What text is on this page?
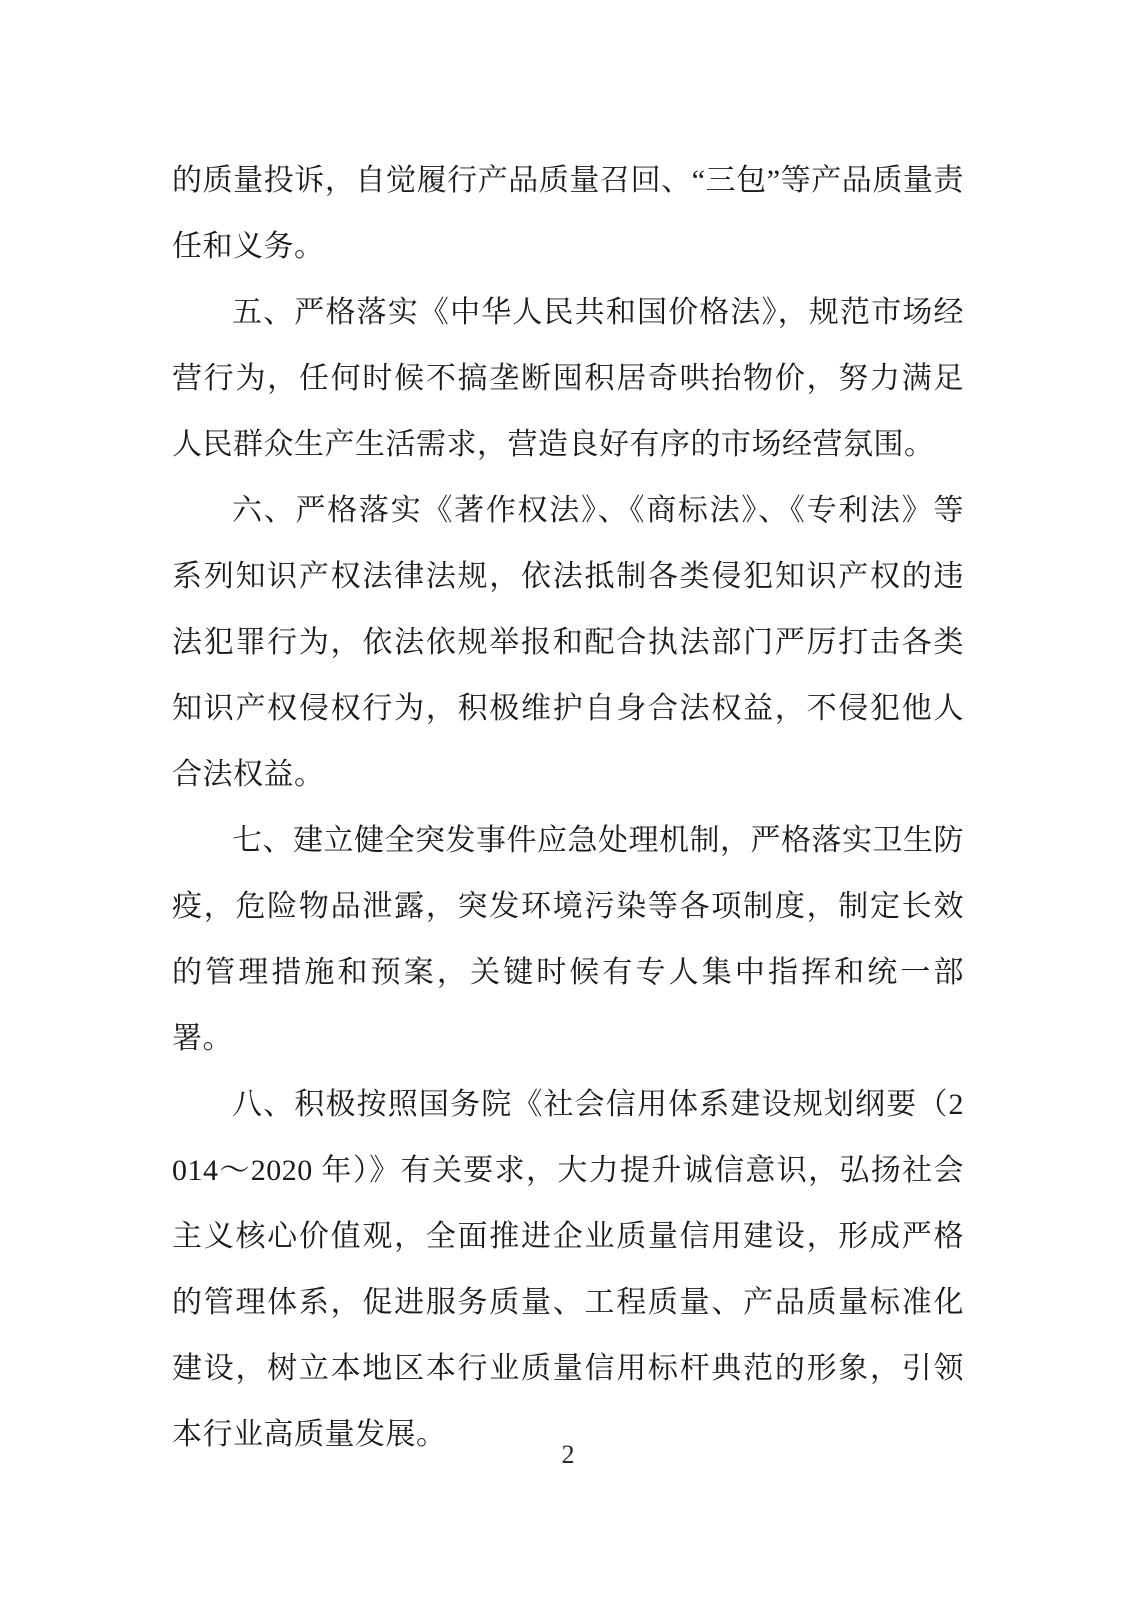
的质量投诉，自觉履行产品质量召回、“三包”等产品质量责任和义务。

五、严格落实《中华人民共和国价格法》，规范市场经营行为，任何时候不搞垄断囤积居奇哄抬物价，努力满足人民群众生产生活需求，营造良好有序的市场经营氛围。

六、严格落实《著作权法》、《商标法》、《专利法》等系列知识产权法律法规，依法抵制各类侵犯知识产权的违法犯罪行为，依法依规举报和配合执法部门严厉打击各类知识产权侵权行为，积极维护自身合法权益，不侵犯他人合法权益。

七、建立健全突发事件应急处理机制，严格落实卫生防疫，危险物品泄露，突发环境污染等各项制度，制定长效的管理措施和预案，关键时候有专人集中指挥和统一部署。

八、积极按照国务院《社会信用体系建设规划纲要（2014～2020 年）》有关要求，大力提升诚信意识，弘扬社会主义核心价值观，全面推进企业质量信用建设，形成严格的管理体系，促进服务质量、工程质量、产品质量标准化建设，树立本地区本行业质量信用标杆典范的形象，引领本行业高质量发展。

2
